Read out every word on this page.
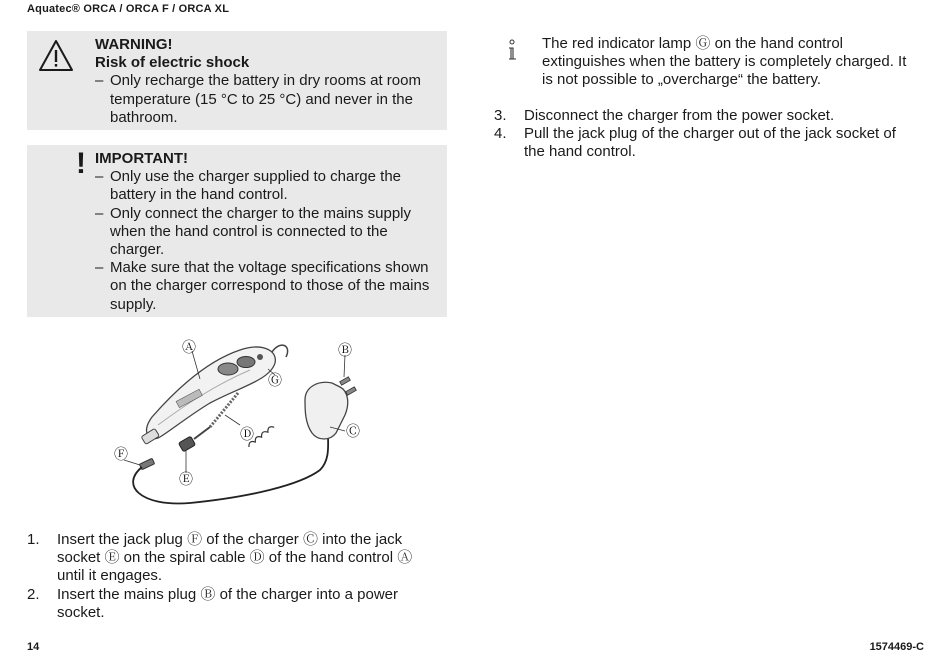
Aquatec® ORCA / ORCA F / ORCA XL
WARNING!
Risk of electric shock
– Only recharge the battery in dry rooms at room temperature (15 °C to 25 °C) and never in the bathroom.
! IMPORTANT!
– Only use the charger supplied to charge the battery in the hand control.
– Only connect the charger to the mains supply when the hand control is connected to the charger.
– Make sure that the voltage specifications shown on the charger correspond to those of the mains supply.
Ⓐ	Ⓑ
Ⓖ
Ⓓ	Ⓒ
Ⓕ
Ⓔ
1. Insert the jack plug Ⓕ of the charger Ⓒ into the jack socket Ⓔ on the spiral cable Ⓓ of the hand control Ⓐ until it engages.
2. Insert the mains plug Ⓑ of the charger into a power socket.
The red indicator lamp Ⓖ on the hand control extinguishes when the battery is completely charged. It is not possible to „overcharge“ the battery.
3. Disconnect the charger from the power socket.
4. Pull the jack plug of the charger out of the jack socket of the hand control.
14	1574469-C
